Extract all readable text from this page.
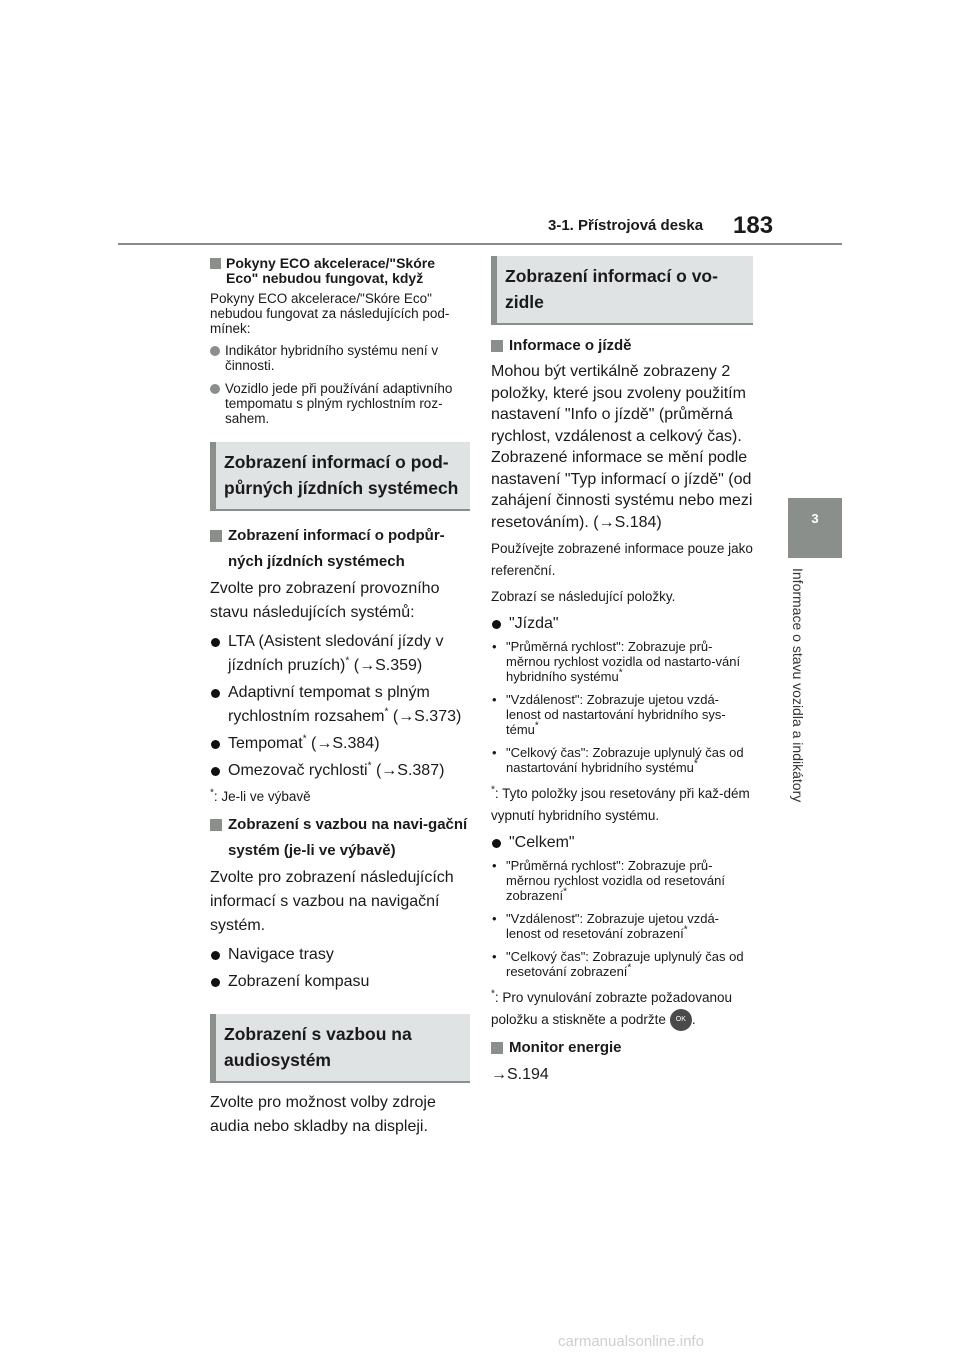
3-1. Přístrojová deska 183
3
Informace o stavu vozidla a indikátory
Pokyny ECO akcelerace/"Skóre Eco" nebudou fungovat, když
Pokyny ECO akcelerace/"Skóre Eco" nebudou fungovat za následujících pod-mínek:
Indikátor hybridního systému není v činnosti.
Vozidlo jede při používání adaptivního tempomatu s plným rychlostním roz-sahem.
Zobrazení informací o pod-půrných jízdních systémech
Zobrazení informací o podpůr-ných jízdních systémech
Zvolte pro zobrazení provozního stavu následujících systémů:
LTA (Asistent sledování jízdy v jízdních pruzích)* (→S.359)
Adaptivní tempomat s plným rychlostním rozsahem* (→S.373)
Tempomat* (→S.384)
Omezovač rychlosti* (→S.387)
*: Je-li ve výbavě
Zobrazení s vazbou na navi-gační systém (je-li ve výbavě)
Zvolte pro zobrazení následujících informací s vazbou na navigační systém.
Navigace trasy
Zobrazení kompasu
Zobrazení s vazbou na audiosystém
Zvolte pro možnost volby zdroje audia nebo skladby na displeji.
Zobrazení informací o vo-zidle
Informace o jízdě
Mohou být vertikálně zobrazeny 2 položky, které jsou zvoleny použitím nastavení "Info o jízdě" (průměrná rychlost, vzdálenost a celkový čas). Zobrazené informace se mění podle nastavení "Typ informací o jízdě" (od zahájení činnosti systému nebo mezi resetováním). (→S.184)
Používejte zobrazené informace pouze jako referenční.
Zobrazí se následující položky.
"Jízda"
• "Průměrná rychlost": Zobrazuje prů-měrnou rychlost vozidla od nastarto-vání hybridního systému*
• "Vzdálenost": Zobrazuje ujetou vzdá-lenost od nastartování hybridního sys-tému*
• "Celkový čas": Zobrazuje uplynulý čas od nastartování hybridního systému*
*: Tyto položky jsou resetovány při kaž-dém vypnutí hybridního systému.
"Celkem"
• "Průměrná rychlost": Zobrazuje prů-měrnou rychlost vozidla od resetování zobrazení*
• "Vzdálenost": Zobrazuje ujetou vzdá-lenost od resetování zobrazení*
• "Celkový čas": Zobrazuje uplynulý čas od resetování zobrazení*
*: Pro vynulování zobrazte požadovanou položku a stiskněte a podržte OK .
Monitor energie
→S.194
carmanualsonline.info
